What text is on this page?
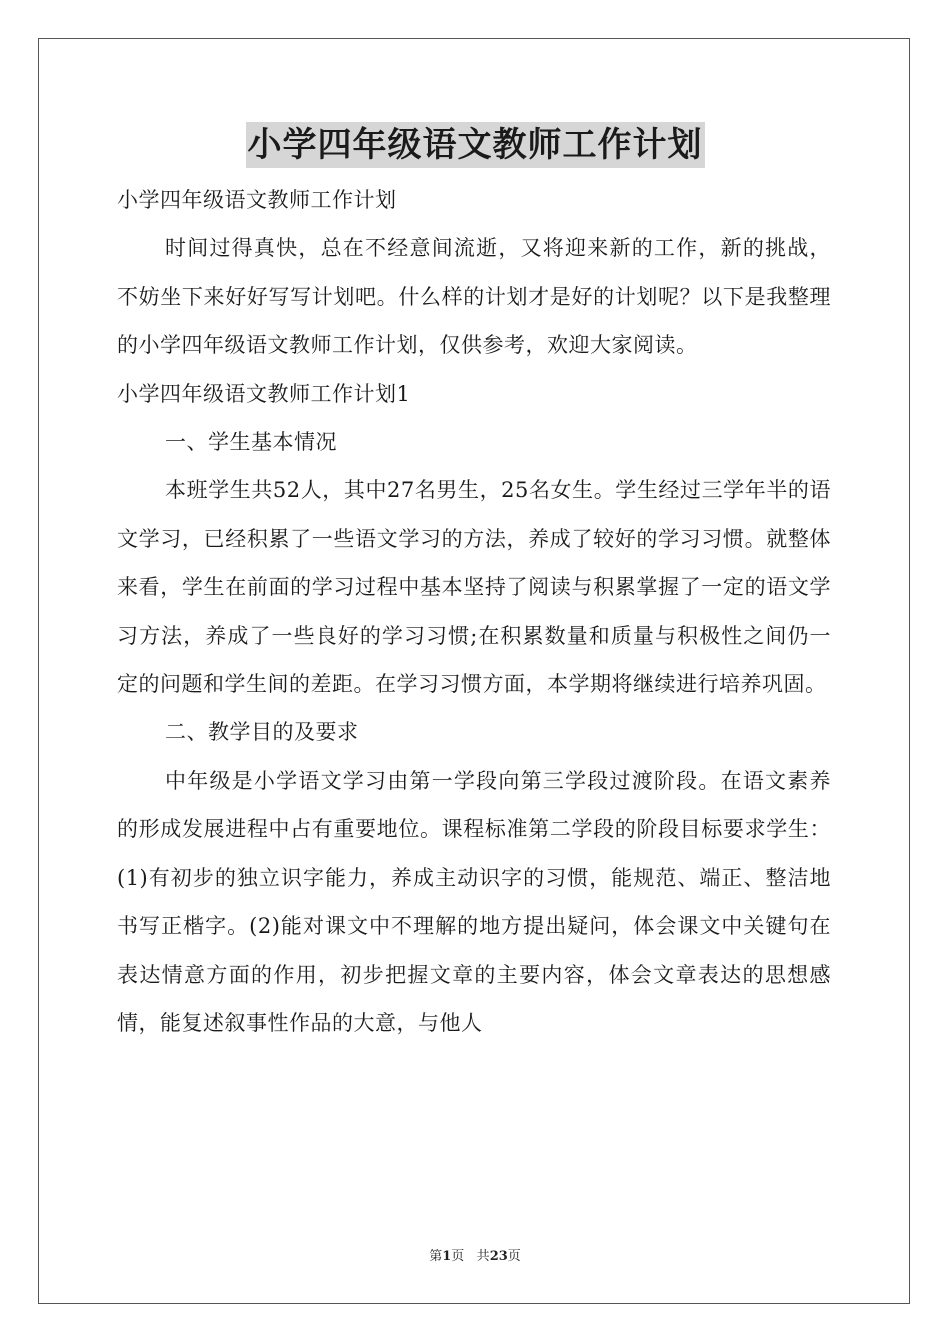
小学四年级语文教师工作计划

小学四年级语文教师工作计划

时间过得真快，总在不经意间流逝，又将迎来新的工作，新的挑战，不妨坐下来好好写写计划吧。什么样的计划才是好的计划呢？以下是我整理的小学四年级语文教师工作计划，仅供参考，欢迎大家阅读。

小学四年级语文教师工作计划1

一、学生基本情况

本班学生共52人，其中27名男生，25名女生。学生经过三学年半的语文学习，已经积累了一些语文学习的方法，养成了较好的学习习惯。就整体来看，学生在前面的学习过程中基本坚持了阅读与积累掌握了一定的语文学习方法，养成了一些良好的学习习惯;在积累数量和质量与积极性之间仍一定的问题和学生间的差距。在学习习惯方面，本学期将继续进行培养巩固。

二、教学目的及要求

中年级是小学语文学习由第一学段向第三学段过渡阶段。在语文素养的形成发展进程中占有重要地位。课程标准第二学段的阶段目标要求学生：(1)有初步的独立识字能力，养成主动识字的习惯，能规范、端正、整洁地书写正楷字。(2)能对课文中不理解的地方提出疑问，体会课文中关键句在表达情意方面的作用，初步把握文章的主要内容，体会文章表达的思想感情，能复述叙事性作品的大意，与他人

第1页 共23页
